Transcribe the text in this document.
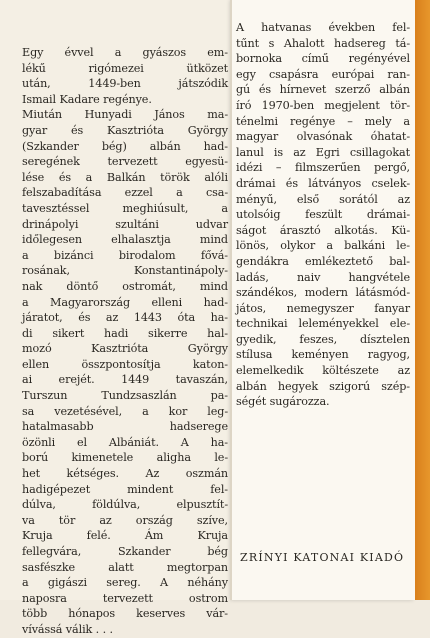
Egy évvel a gyászos em-
lékű rigómezei ütközet
után, 1449-ben játszódik
Ismail Kadare regénye.
Miután Hunyadi János ma-
gyar és Kasztrióta György
(Szkander bég) albán had-
seregének tervezett egyesü-
lése és a Balkán török alóli
felszabadítása ezzel a csa-
tavesztéssel meghiúsult, a
drinápolyi szultáni udvar
időlegesen elhalasztja mind
a bizánci birodalom fővá-
rosának, Konstantinápoly-
nak döntő ostromát, mind
a Magyarország elleni had-
járatot, és az 1443 óta ha-
di sikert hadi sikerre hal-
mozó Kasztrióta György
ellen összpontosítja katon-
ai erejét. 1449 tavaszán,
Turszun Tundzsaszlán pa-
sa vezetésével, a kor leg-
hatalmasabb hadserege
özönli el Albániát. A ha-
ború kimenetele aligha le-
het kétséges. Az oszmán
hadigépezet mindent fel-
dúlva, földúlva, elpusztít-
va tör az ország szíve,
Kruja felé. Ám Kruja
fellegvára, Szkander bég
sasfészke alatt megtorpan
a gigászi sereg. A néhány
naposra tervezett ostrom
több hónapos keserves vár-
vívássá válik . . .
A hatvanas években fel-
tűnt s Ahalott hadsereg tá-
bornoka című regényével
egy csapásra európai ran-
gú és hírnevet szerző albán
író 1970-ben megjelent tör-
ténelmi regénye – mely a
magyar olvasónak óhatat-
lanul is az Egri csillagokat
idézi – filmszerűen pergő,
drámai és látványos cselek-
ményű, első sorától az
utolsóig feszült drámai-
ságot árasztó alkotás. Kü-
lönös, olykor a balkáni le-
gendákra emlékeztető bal-
ladás, naiv hangvétele
szándékos, modern látásmód-
játos, nemegyszer fanyar
technikai leleményekkel ele-
gyedik, feszes, dísztelen
stílusa keményen ragyog,
elemelkedik költészete az
albán hegyek szigorú szép-
ségét sugározza.
ZRÍNYI KATONAI KIADÓ
